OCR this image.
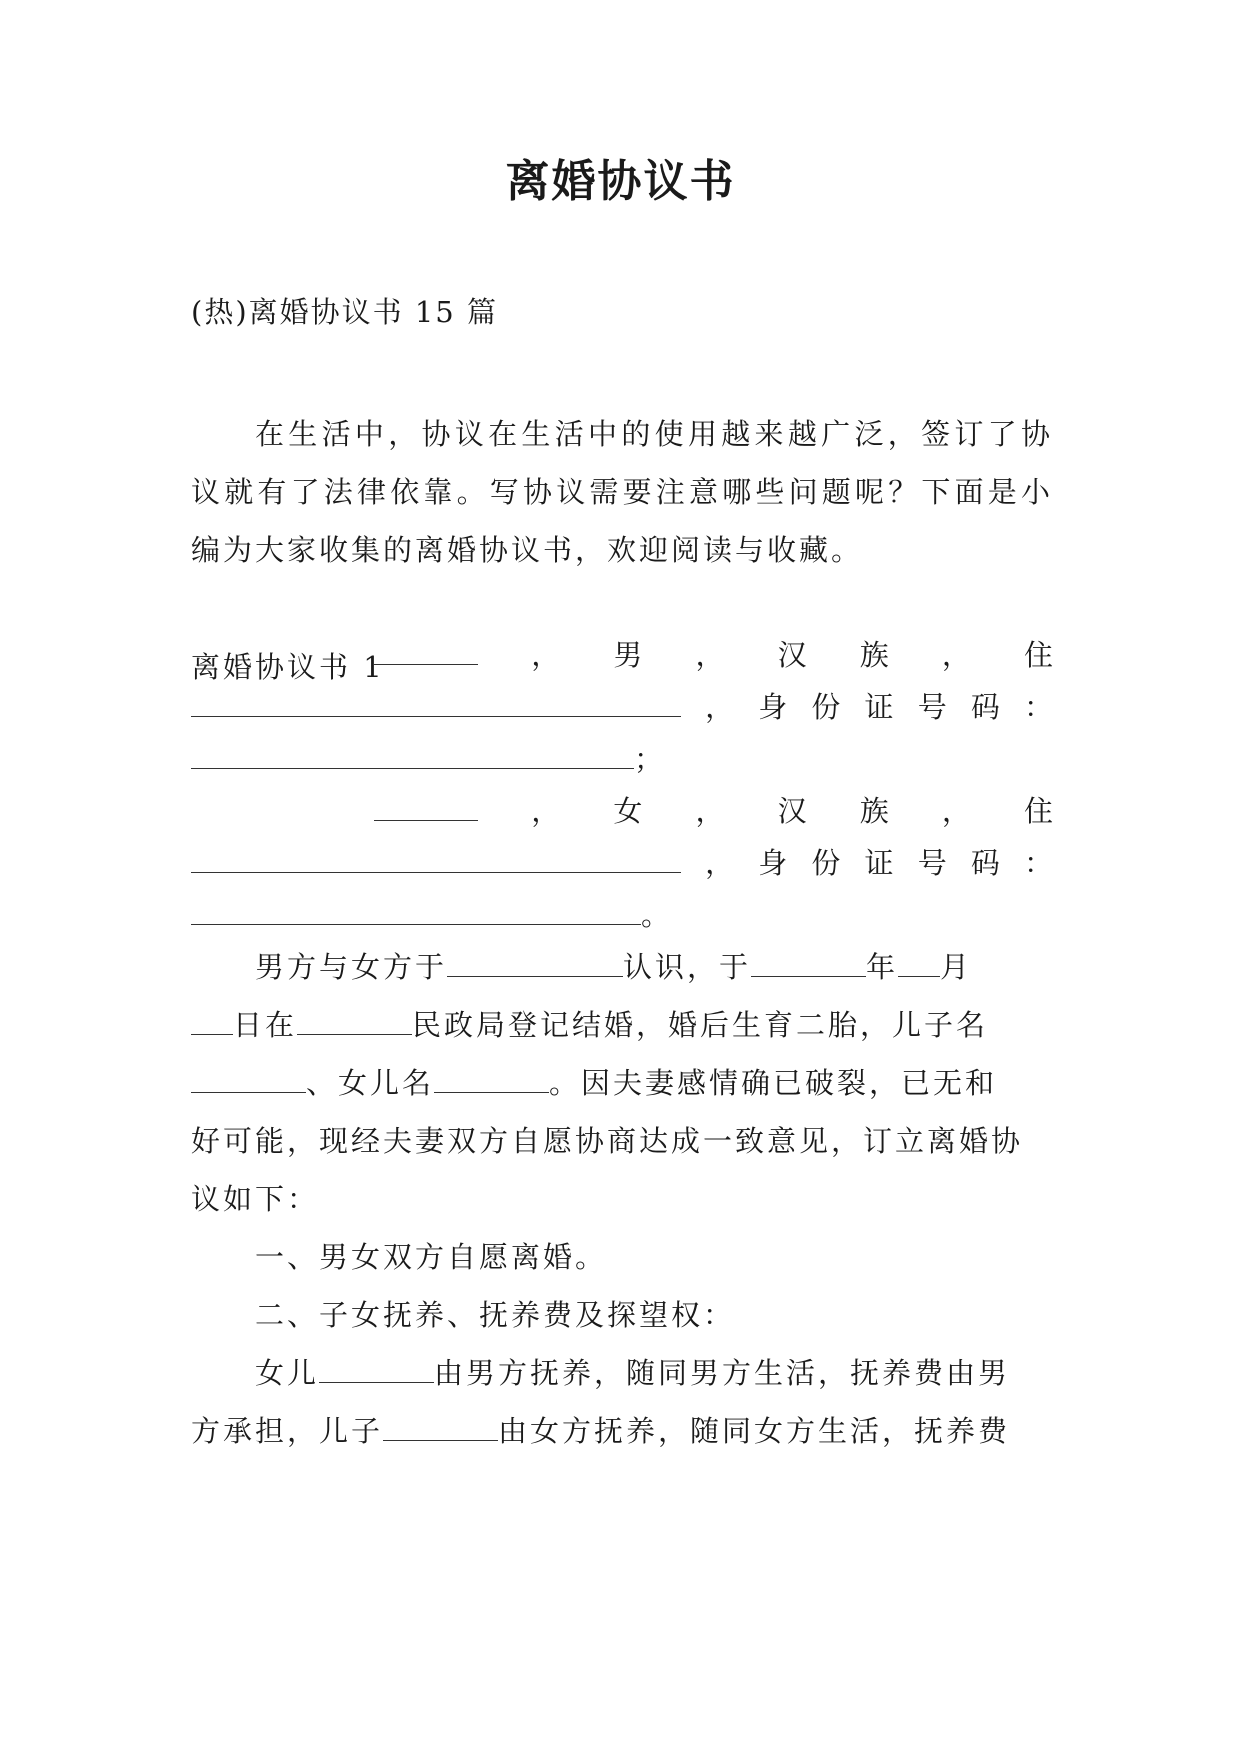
离婚协议书
(热)离婚协议书 15 篇
在生活中，协议在生活中的使用越来越广泛，签订了协议就有了法律依靠。写协议需要注意哪些问题呢？下面是小编为大家收集的离婚协议书，欢迎阅读与收藏。
离婚协议书 1	， 男 ， 汉 族 ， 住
， 身 份 证 号 码 ：
；
， 女 ， 汉 族 ， 住
， 身 份 证 号 码 ：
。
男方与女方于	认识，于	年 月
日在	民政局登记结婚，婚后生育二胎，儿子名
、女儿名	。因夫妻感情确已破裂，已无和
好可能，现经夫妻双方自愿协商达成一致意见，订立离婚协
议如下：
一、男女双方自愿离婚。
二、子女抚养、抚养费及探望权：
女儿	由男方抚养，随同男方生活，抚养费由男
方承担，儿子	由女方抚养，随同女方生活，抚养费
